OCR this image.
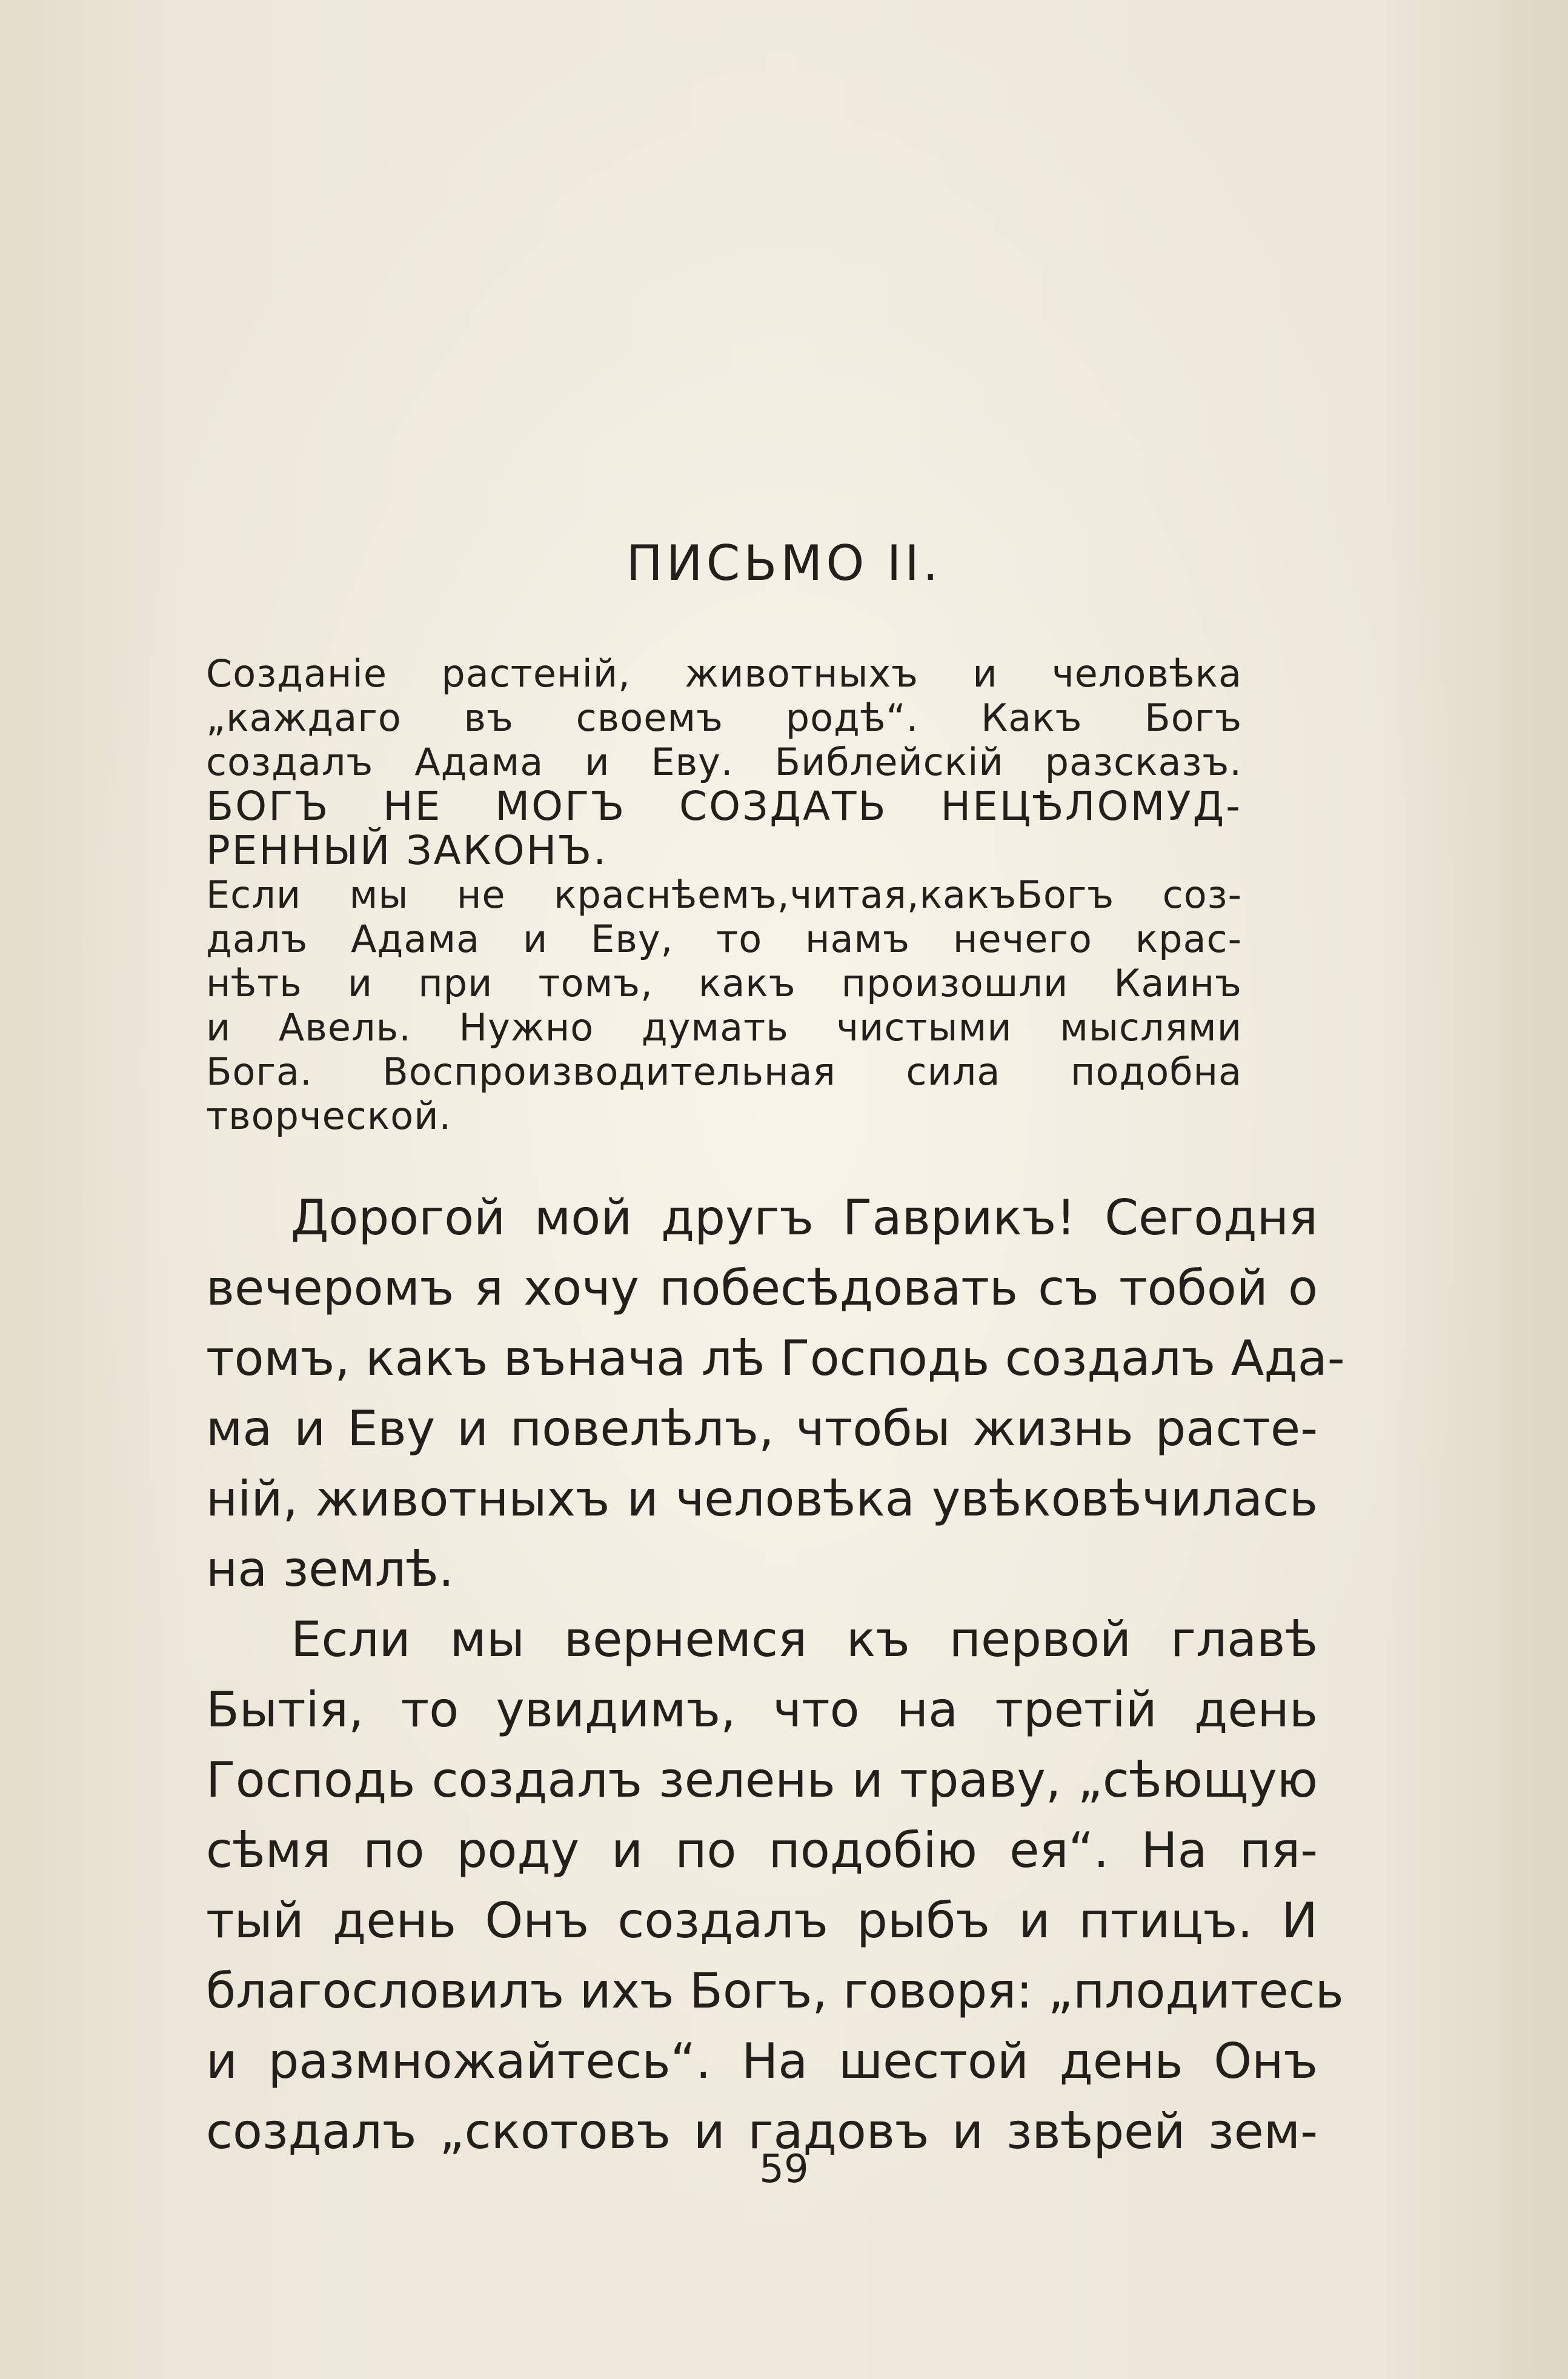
ПИСЬМО II.
Созданіе растеній, животныхъ и человѣка
„каждаго въ своемъ родѣ“. Какъ Богъ
создалъ Адама и Еву. Библейскій разсказъ.
БОГЪ НЕ МОГЪ СОЗДАТЬ НЕЦѢЛОМУД-
РЕННЫЙ ЗАКОНЪ.
Если мы не краснѣемъ,читая,какъБогъ соз-
далъ Адама и Еву, то намъ нечего крас-
нѣть и при томъ, какъ произошли Каинъ
и Авель. Нужно думать чистыми мыслями
Бога. Воспроизводительная сила подобна
творческой.
Дорогой мой другъ Гаврикъ! Сегодня
вечеромъ я хочу побесѣдовать съ тобой о
томъ, какъ вънача лѣ Господь создалъ Ада-
ма и Еву и повелѣлъ, чтобы жизнь расте-
ній, животныхъ и человѣка увѣковѣчилась
на землѣ.
Если мы вернемся къ первой главѣ
Бытія, то увидимъ, что на третій день
Господь создалъ зелень и траву, „сѣющую
сѣмя по роду и по подобію ея“. На пя-
тый день Онъ создалъ рыбъ и птицъ. И
благословилъ ихъ Богъ, говоря: „плодитесь
и размножайтесь“. На шестой день Онъ
создалъ „скотовъ и гадовъ и звѣрей зем-
59
